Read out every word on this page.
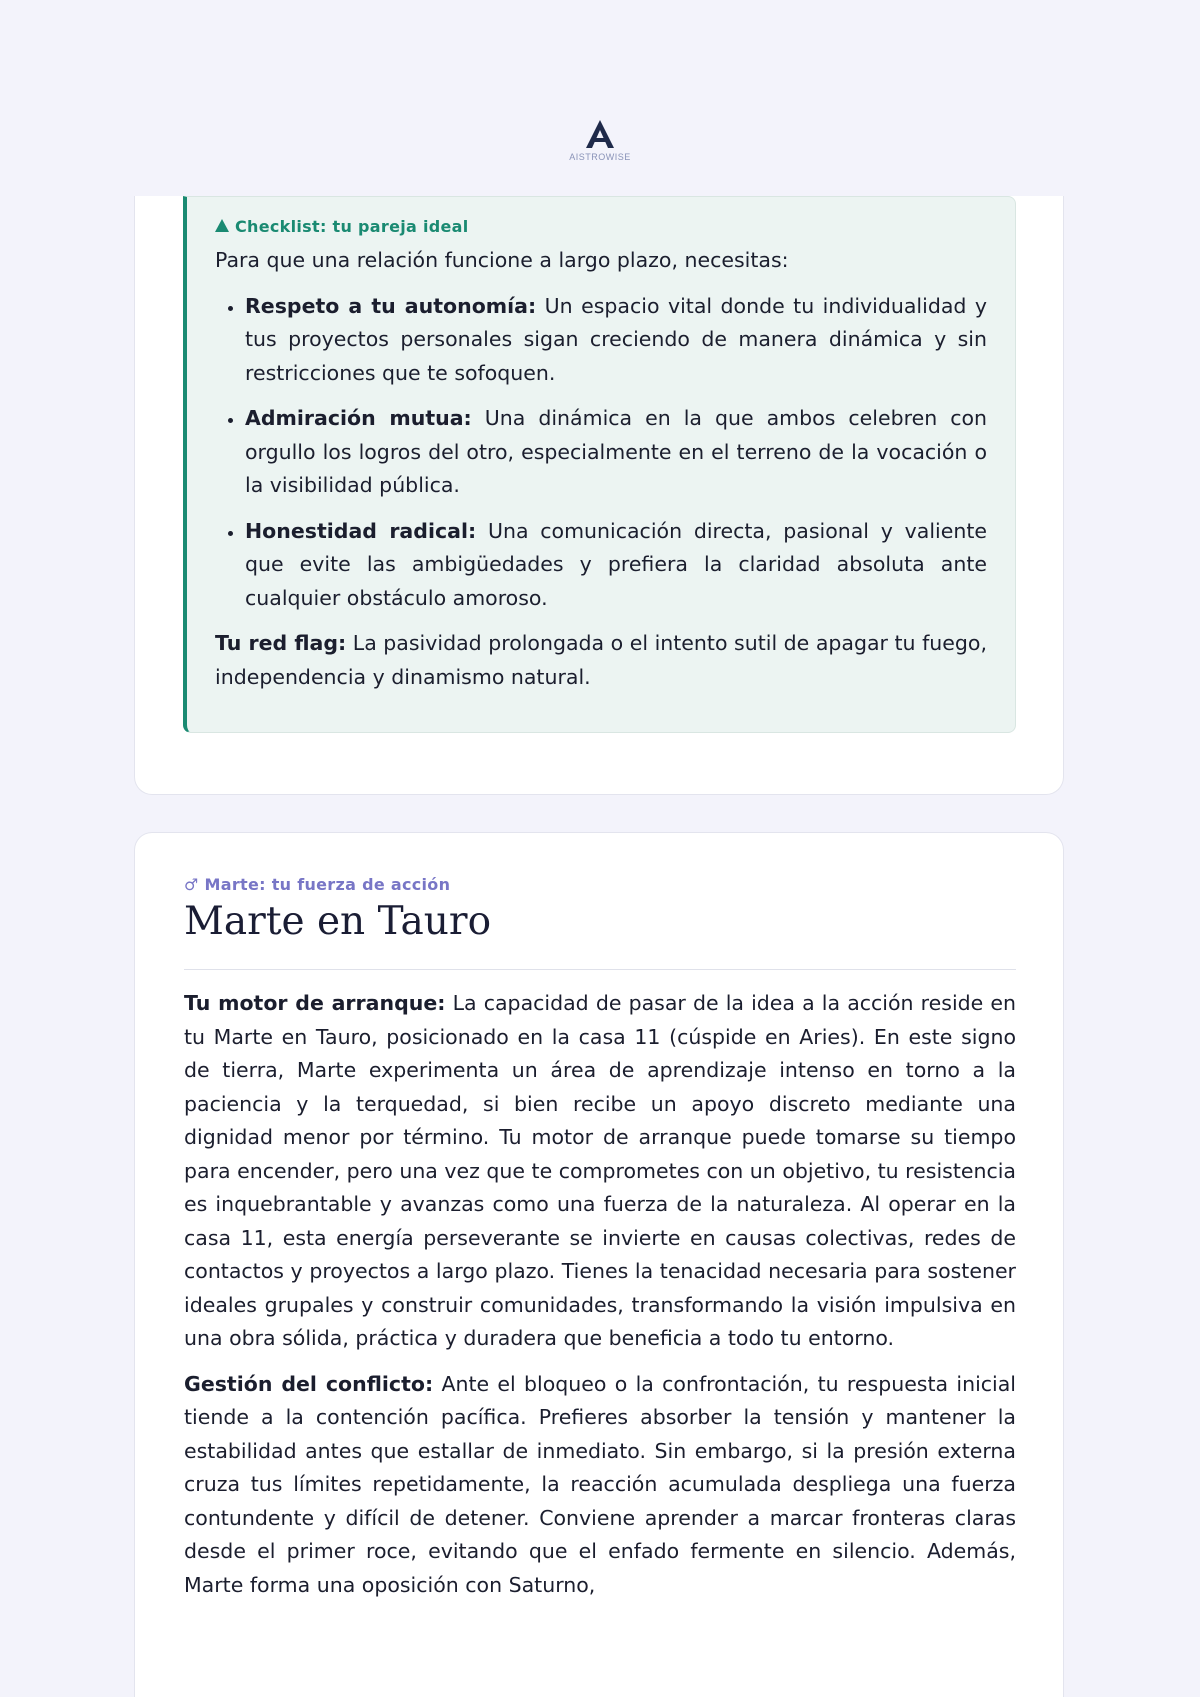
AISTROWISE
Checklist: tu pareja ideal

Para que una relación funcione a largo plazo, necesitas:

• Respeto a tu autonomía: Un espacio vital donde tu individualidad y tus proyectos personales sigan creciendo de manera dinámica y sin restricciones que te sofoquen.
• Admiración mutua: Una dinámica en la que ambos celebren con orgullo los logros del otro, especialmente en el terreno de la vocación o la visibilidad pública.
• Honestidad radical: Una comunicación directa, pasional y valiente que evite las ambigüedades y prefiera la claridad absoluta ante cualquier obstáculo amoroso.

Tu red flag: La pasividad prolongada o el intento sutil de apagar tu fuego, independencia y dinamismo natural.

♂ Marte: tu fuerza de acción
Marte en Tauro

Tu motor de arranque: La capacidad de pasar de la idea a la acción reside en tu Marte en Tauro, posicionado en la casa 11 (cúspide en Aries). En este signo de tierra, Marte experimenta un área de aprendizaje intenso en torno a la paciencia y la terquedad, si bien recibe un apoyo discreto mediante una dignidad menor por término. Tu motor de arranque puede tomarse su tiempo para encender, pero una vez que te comprometes con un objetivo, tu resistencia es inquebrantable y avanzas como una fuerza de la naturaleza. Al operar en la casa 11, esta energía perseverante se invierte en causas colectivas, redes de contactos y proyectos a largo plazo. Tienes la tenacidad necesaria para sostener ideales grupales y construir comunidades, transformando la visión impulsiva en una obra sólida, práctica y duradera que beneficia a todo tu entorno.

Gestión del conflicto: Ante el bloqueo o la confrontación, tu respuesta inicial tiende a la contención pacífica. Prefieres absorber la tensión y mantener la estabilidad antes que estallar de inmediato. Sin embargo, si la presión externa cruza tus límites repetidamente, la reacción acumulada despliega una fuerza contundente y difícil de detener. Conviene aprender a marcar fronteras claras desde el primer roce, evitando que el enfado fermente en silencio. Además, Marte forma una oposición con Saturno,
